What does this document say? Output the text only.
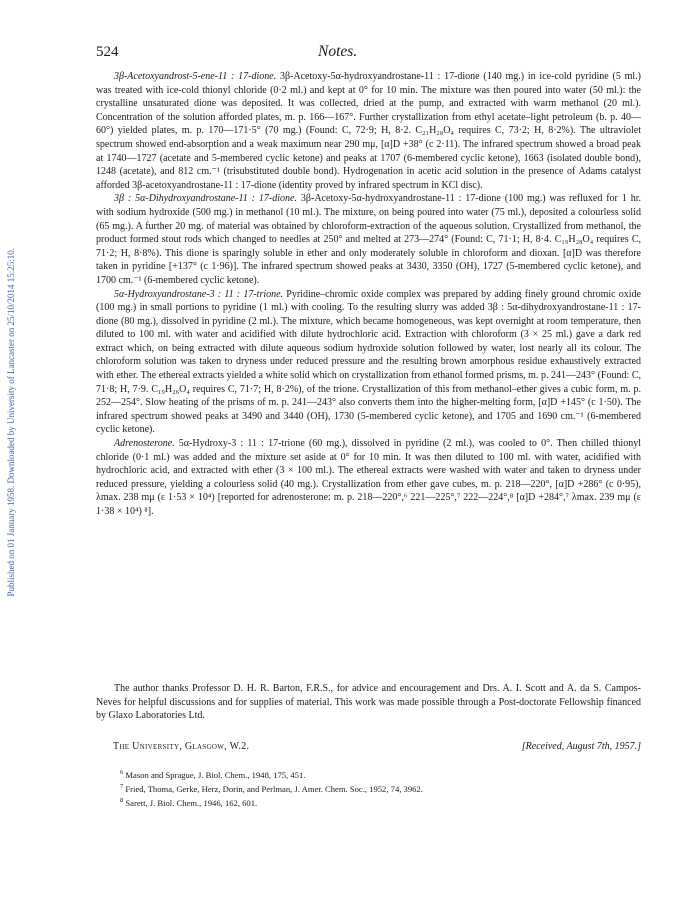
524	Notes.
Published on 01 January 1958. Downloaded by University of Lancaster on 25/10/2014 15:25:10.

3β-Acetoxyandrost-5-ene-11 : 17-dione. 3β-Acetoxy-5α-hydroxyandrostane-11 : 17-dione (140 mg.) in ice-cold pyridine (5 ml.) was treated with ice-cold thionyl chloride (0·2 ml.) and kept at 0° for 10 min. The mixture was then poured into water (50 ml.): the crystalline unsaturated dione was deposited. It was collected, dried at the pump, and extracted with warm methanol (20 ml.). Concentration of the solution afforded plates, m. p. 166—167°. Further crystallization from ethyl acetate–light petroleum (b. p. 40—60°) yielded plates, m. p. 170—171·5° (70 mg.) (Found: C, 72·9; H, 8·2. C₂₁H₂₈O₄ requires C, 73·2; H, 8·2%). The ultraviolet spectrum showed end-absorption and a weak maximum near 290 mμ, [α]D +38° (c 2·11). The infrared spectrum showed a broad peak at 1740—1727 (acetate and 5-membered cyclic ketone) and peaks at 1707 (6-membered cyclic ketone), 1663 (isolated double bond), 1248 (acetate), and 812 cm.⁻¹ (trisubstituted double bond). Hydrogenation in acetic acid solution in the presence of Adams catalyst afforded 3β-acetoxyandrostane-11 : 17-dione (identity proved by infrared spectrum in KCl disc).

3β : 5α-Dihydroxyandrostane-11 : 17-dione. 3β-Acetoxy-5α-hydroxyandrostane-11 : 17-dione (100 mg.) was refluxed for 1 hr. with sodium hydroxide (500 mg.) in methanol (10 ml.). The mixture, on being poured into water (75 ml.), deposited a colourless solid (65 mg.). A further 20 mg. of material was obtained by chloroform-extraction of the aqueous solution. Crystallized from methanol, the product formed stout rods which changed to needles at 250° and melted at 273—274° (Found: C, 71·1; H, 8·4. C₁₉H₂₈O₄ requires C, 71·2; H, 8·8%). This dione is sparingly soluble in ether and only moderately soluble in chloroform and dioxan. [α]D was therefore taken in pyridine [+137° (c 1·96)]. The infrared spectrum showed peaks at 3430, 3350 (OH), 1727 (5-membered cyclic ketone), and 1700 cm.⁻¹ (6-membered cyclic ketone).

5α-Hydroxyandrostane-3 : 11 : 17-trione. Pyridine–chromic oxide complex was prepared by adding finely ground chromic oxide (100 mg.) in small portions to pyridine (1 ml.) with cooling. To the resulting slurry was added 3β : 5α-dihydroxyandrostane-11 : 17-dione (80 mg.), dissolved in pyridine (2 ml.). The mixture, which became homogeneous, was kept overnight at room temperature, then diluted to 100 ml. with water and acidified with dilute hydrochloric acid. Extraction with chloroform (3 × 25 ml.) gave a dark red extract which, on being extracted with dilute aqueous sodium hydroxide solution followed by water, lost nearly all its colour. The chloroform solution was taken to dryness under reduced pressure and the resulting brown amorphous residue exhaustively extracted with ether. The ethereal extracts yielded a white solid which on crystallization from ethanol formed prisms, m. p. 241—243° (Found: C, 71·8; H, 7·9. C₁₉H₂₆O₄ requires C, 71·7; H, 8·2%), of the trione. Crystallization of this from methanol–ether gives a cubic form, m. p. 252—254°. Slow heating of the prisms of m. p. 241—243° also converts them into the higher-melting form, [α]D +145° (c 1·50). The infrared spectrum showed peaks at 3490 and 3440 (OH), 1730 (5-membered cyclic ketone), and 1705 and 1690 cm.⁻¹ (6-membered cyclic ketone).

Adrenosterone. 5α-Hydroxy-3 : 11 : 17-trione (60 mg.), dissolved in pyridine (2 ml.), was cooled to 0°. Then chilled thionyl chloride (0·1 ml.) was added and the mixture set aside at 0° for 10 min. It was then diluted to 100 ml. with water, acidified with hydrochloric acid, and extracted with ether (3 × 100 ml.). The ethereal extracts were washed with water and taken to dryness under reduced pressure, yielding a colourless solid (40 mg.). Crystallization from ether gave cubes, m. p. 218—220°, [α]D +286° (c 0·95), λmax. 238 mμ (ε 1·53 × 10⁴) [reported for adrenosterone: m. p. 218—220°,⁶ 221—225°,⁷ 222—224°,⁸ [α]D +284°,⁷ λmax. 239 mμ (ε 1·38 × 10⁴) ⁸].

The author thanks Professor D. H. R. Barton, F.R.S., for advice and encouragement and Drs. A. I. Scott and A. da S. Campos-Neves for helpful discussions and for supplies of material. This work was made possible through a Post-doctorate Fellowship financed by Glaxo Laboratories Ltd.

The University, Glasgow, W.2.	[Received, August 7th, 1957.]
$^6$ Mason and Sprague, J. Biol. Chem., 1948, 175, 451.
$^7$ Fried, Thoma, Gerke, Herz, Dorin, and Perlman, J. Amer. Chem. Soc., 1952, 74, 3962.
$^8$ Sarett, J. Biol. Chem., 1946, 162, 601.
